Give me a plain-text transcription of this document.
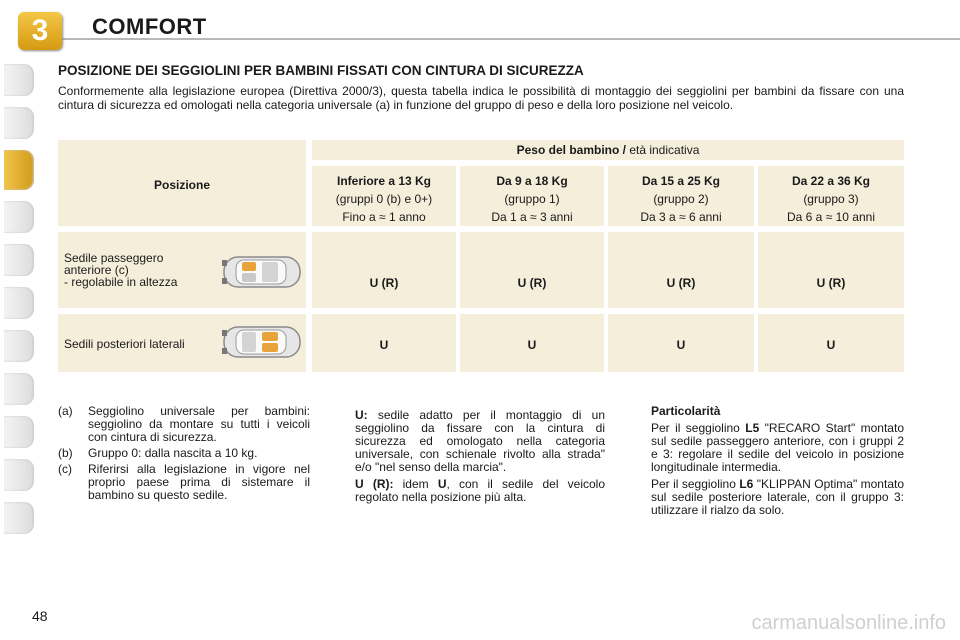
3	COMFORT
POSIZIONE DEI SEGGIOLINI PER BAMBINI FISSATI CON CINTURA DI SICUREZZA
Conformemente alla legislazione europea (Direttiva 2000/3), questa tabella indica le possibilità di montaggio dei seggiolini per bambini da fissare con una cintura di sicurezza ed omologati nella categoria universale (a) in funzione del gruppo di peso e della loro posizione nel veicolo.
Posizione
Peso del bambino / età indicativa
Inferiore a 13 Kg
(gruppi 0 (b) e 0+)
Fino a ≈ 1 anno
Da 9 a 18 Kg
(gruppo 1)
Da 1 a ≈ 3 anni
Da 15 a 25 Kg
(gruppo 2)
Da 3 a ≈ 6 anni
Da 22 a 36 Kg
(gruppo 3)
Da 6 a ≈ 10 anni
Sedile passeggero
anteriore (c)
- regolabile in altezza	U (R)	U (R)	U (R)	U (R)
Sedili posteriori laterali	U	U	U	U
(a)	Seggiolino universale per bambini: seggiolino da montare su tutti i veicoli con cintura di sicurezza.
(b)	Gruppo 0: dalla nascita a 10 kg.
(c)	Riferirsi alla legislazione in vigore nel proprio paese prima di sistemare il bambino su questo sedile.

U: sedile adatto per il montaggio di un seggiolino da fissare con la cintura di sicurezza ed omologato nella categoria universale, con schienale rivolto alla strada" e/o "nel senso della marcia".

U (R): idem U, con il sedile del veicolo regolato nella posizione più alta.

Particolarità

Per il seggiolino L5 "RECARO Start" montato sul sedile passeggero anteriore, con i gruppi 2 e 3: regolare il sedile del veicolo in posizione longitudinale intermedia.

Per il seggiolino L6 "KLIPPAN Optima" montato sul sedile posteriore laterale, con il gruppo 3: utilizzare il rialzo da solo.

48	carmanualsonline.info
